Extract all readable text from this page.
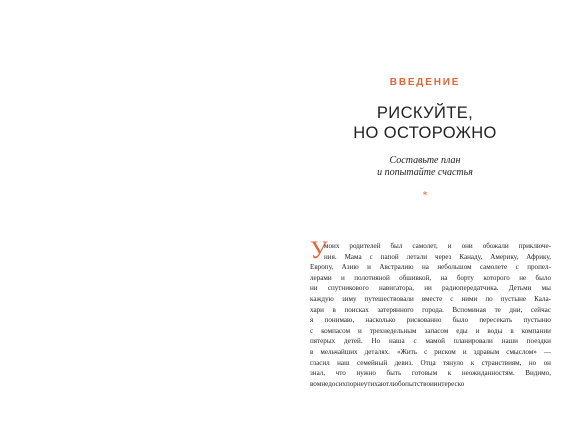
ВВЕДЕНИЕ
РИСКУЙТЕ,
НО ОСТОРОЖНО
Составьте план
и попытайте счастья
*
У
моих родителей был самолет, и они обожали приключе-
ния. Мама с папой летали через Канаду, Америку, Африку,
Европу, Азию и Австралию на небольшом самолете с пропел-
лерами и полотняной обшивкой, на борту которого не было
ни спутникового навигатора, ни радиопередатчика. Детьми мы
каждую зиму путешествовали вместе с ними по пустыне Кала-
хари в поисках затерянного города. Вспоминая те дни, сейчас
я понимаю, насколько рискованно было пересекать пустыню
с компасом и трехнедельным запасом еды и воды в компании
пятерых детей. Но наша с мамой планировали наши поездки
в мельчайших деталях. «Жить с риском и здравым смыслом» —
гласил наш семейный девиз. Отца тянуло к странствиям, но он
знал, что нужно быть готовым к неожиданностям. Видимо,
во мне до сих пор не утихают любопытство и интерес ко
